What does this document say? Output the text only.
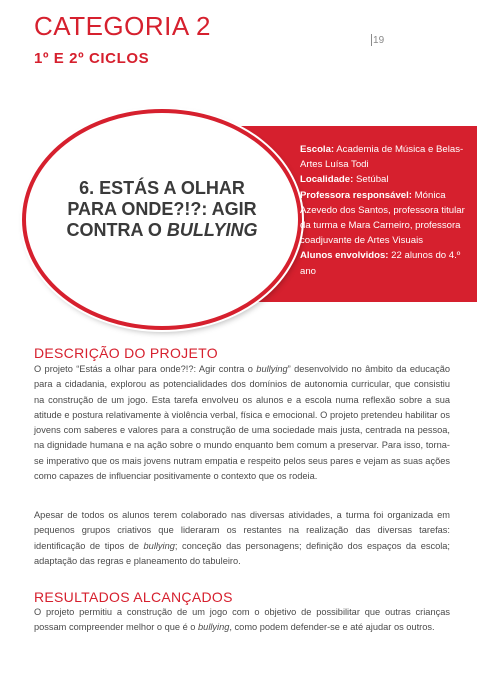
CATEGORIA 2
1º E 2º CICLOS
 19

6. ESTÁS A OLHAR PARA ONDE?!?: AGIR CONTRA O BULLYING

Escola: Academia de Música e Belas-Artes Luísa Todi
Localidade: Setúbal
Professora responsável: Mónica Azevedo dos Santos, professora titular da turma e Mara Carneiro, professora coadjuvante de Artes Visuais
Alunos envolvidos: 22 alunos do 4.º ano
DESCRIÇÃO DO PROJETO

O projeto “Estás a olhar para onde?!?: Agir contra o bullying” desenvolvido no âmbito da educação para a cidadania, explorou as potencialidades dos domínios de autonomia curricular, que consistiu na construção de um jogo. Esta tarefa envolveu os alunos e a escola numa reflexão sobre a sua atitude e postura relativamente à violência verbal, física e emocional. O projeto pretendeu habilitar os jovens com saberes e valores para a construção de uma sociedade mais justa, centrada na pessoa, na dignidade humana e na ação sobre o mundo enquanto bem comum a preservar. Para isso, torna-se imperativo que os mais jovens nutram empatia e respeito pelos seus pares e vejam as suas ações como capazes de influenciar positivamente o contexto que os rodeia.

Apesar de todos os alunos terem colaborado nas diversas atividades, a turma foi organizada em pequenos grupos criativos que lideraram os restantes na realização das diversas tarefas: identificação de tipos de bullying; conceção das personagens; definição dos espaços da escola; adaptação das regras e planeamento do tabuleiro.

RESULTADOS ALCANÇADOS

O projeto permitiu a construção de um jogo com o objetivo de possibilitar que outras crianças possam compreender melhor o que é o bullying, como podem defender-se e até ajudar os outros.
